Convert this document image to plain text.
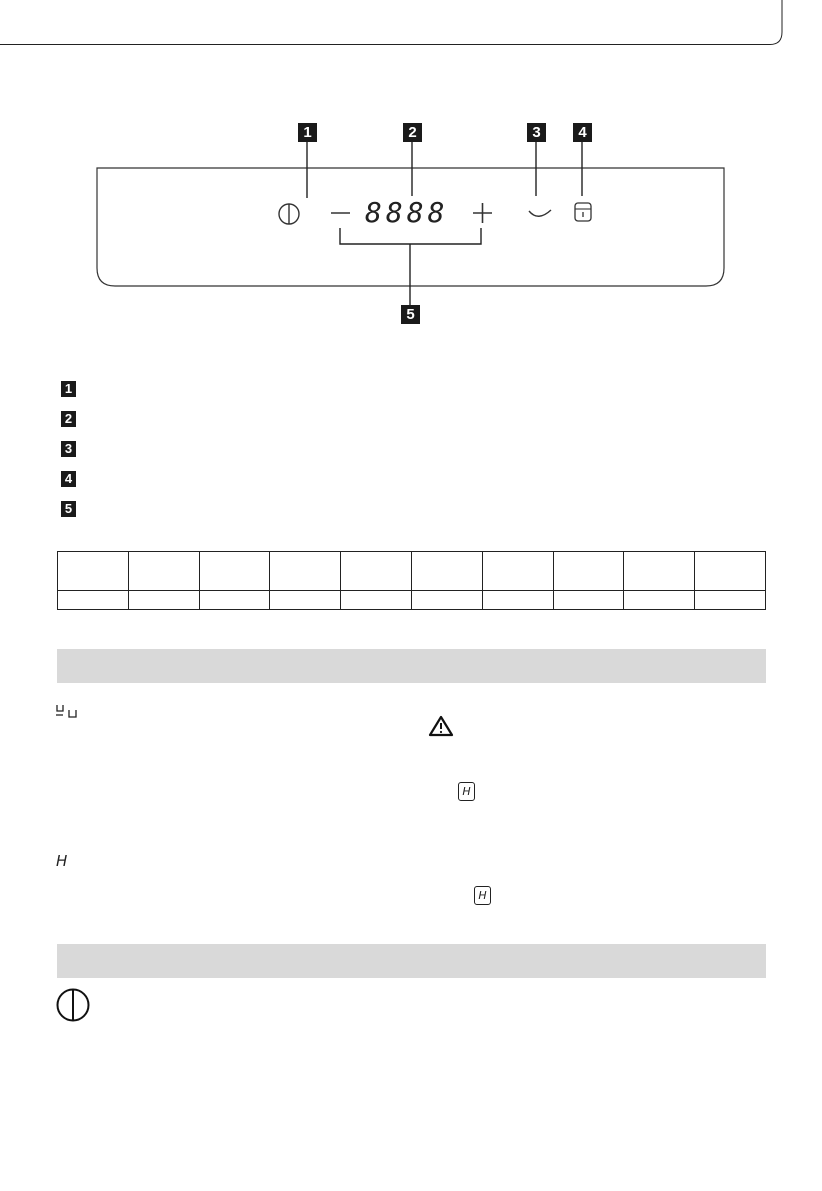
8888
1	2	3	4
5
1
2
3
4
5

H
H
H
